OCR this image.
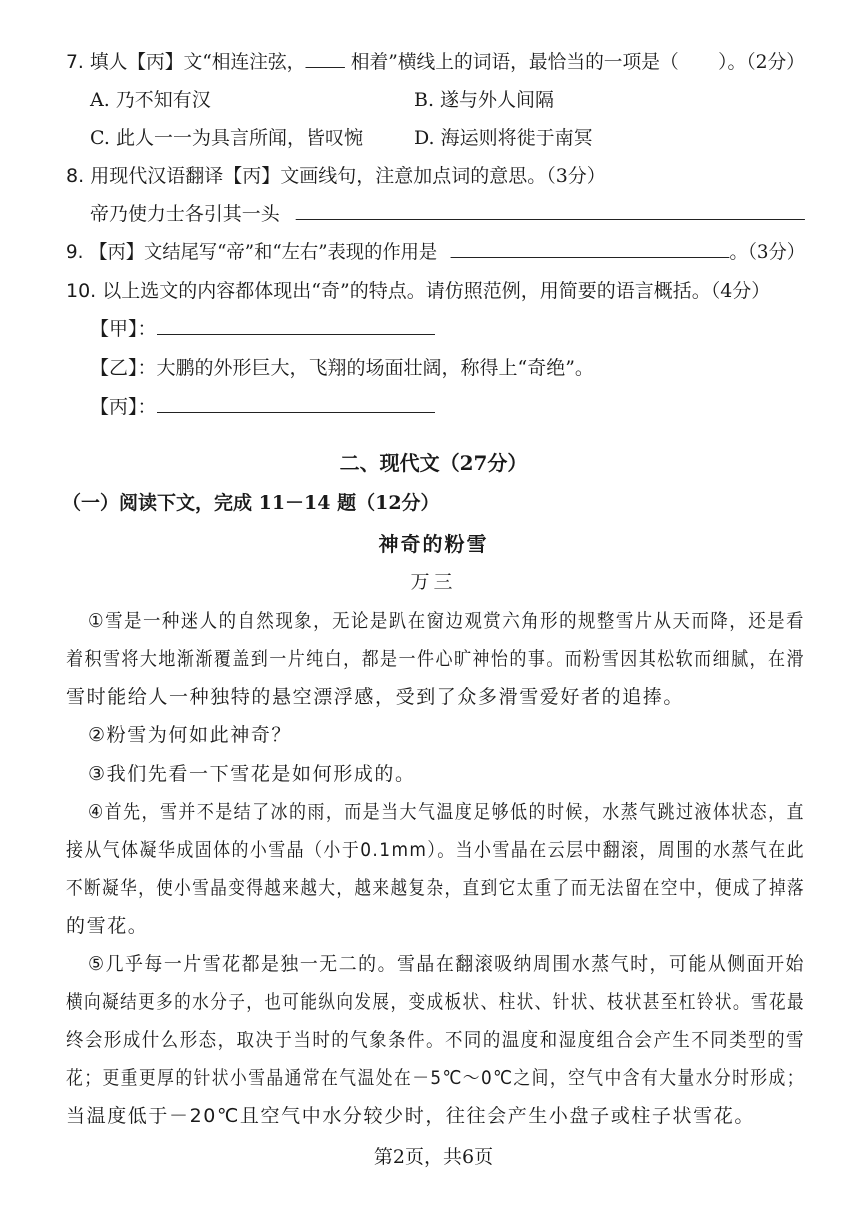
7. 填人【丙】文“相连注弦， 相着”横线上的词语，最恰当的一项是（ ）。（2分）
A. 乃不知有汉	B. 遂与外人间隔
C. 此人一一为具言所闻，皆叹惋	D. 海运则将徙于南冥
8. 用现代汉语翻译【丙】文画线句，注意加点词的意思。（3分）
帝乃使力士各引其一头
9. 【丙】文结尾写“帝”和“左右”表现的作用是	。（3分）
10. 以上选文的内容都体现出“奇”的特点。请仿照范例，用简要的语言概括。（4分）
【甲】：
【乙】：大鹏的外形巨大，飞翔的场面壮阔，称得上“奇绝”。
【丙】：
二、现代文（27分）
（一）阅读下文，完成 11－14 题（12分）
神奇的粉雪
万三
①雪是一种迷人的自然现象，无论是趴在窗边观赏六角形的规整雪片从天而降，还是看
着积雪将大地渐渐覆盖到一片纯白，都是一件心旷神怡的事。而粉雪因其松软而细腻，在滑
雪时能给人一种独特的悬空漂浮感，受到了众多滑雪爱好者的追捧。
②粉雪为何如此神奇？
③我们先看一下雪花是如何形成的。
④首先，雪并不是结了冰的雨，而是当大气温度足够低的时候，水蒸气跳过液体状态，直
接从气体凝华成固体的小雪晶（小于0.1mm）。当小雪晶在云层中翻滚，周围的水蒸气在此
不断凝华，使小雪晶变得越来越大，越来越复杂，直到它太重了而无法留在空中，便成了掉落
的雪花。
⑤几乎每一片雪花都是独一无二的。雪晶在翻滚吸纳周围水蒸气时，可能从侧面开始
横向凝结更多的水分子，也可能纵向发展，变成板状、柱状、针状、枝状甚至杠铃状。雪花最
终会形成什么形态，取决于当时的气象条件。不同的温度和湿度组合会产生不同类型的雪
花；更重更厚的针状小雪晶通常在气温处在－5℃～0℃之间，空气中含有大量水分时形成；
当温度低于－20℃且空气中水分较少时，往往会产生小盘子或柱子状雪花。
第2页，共6页
